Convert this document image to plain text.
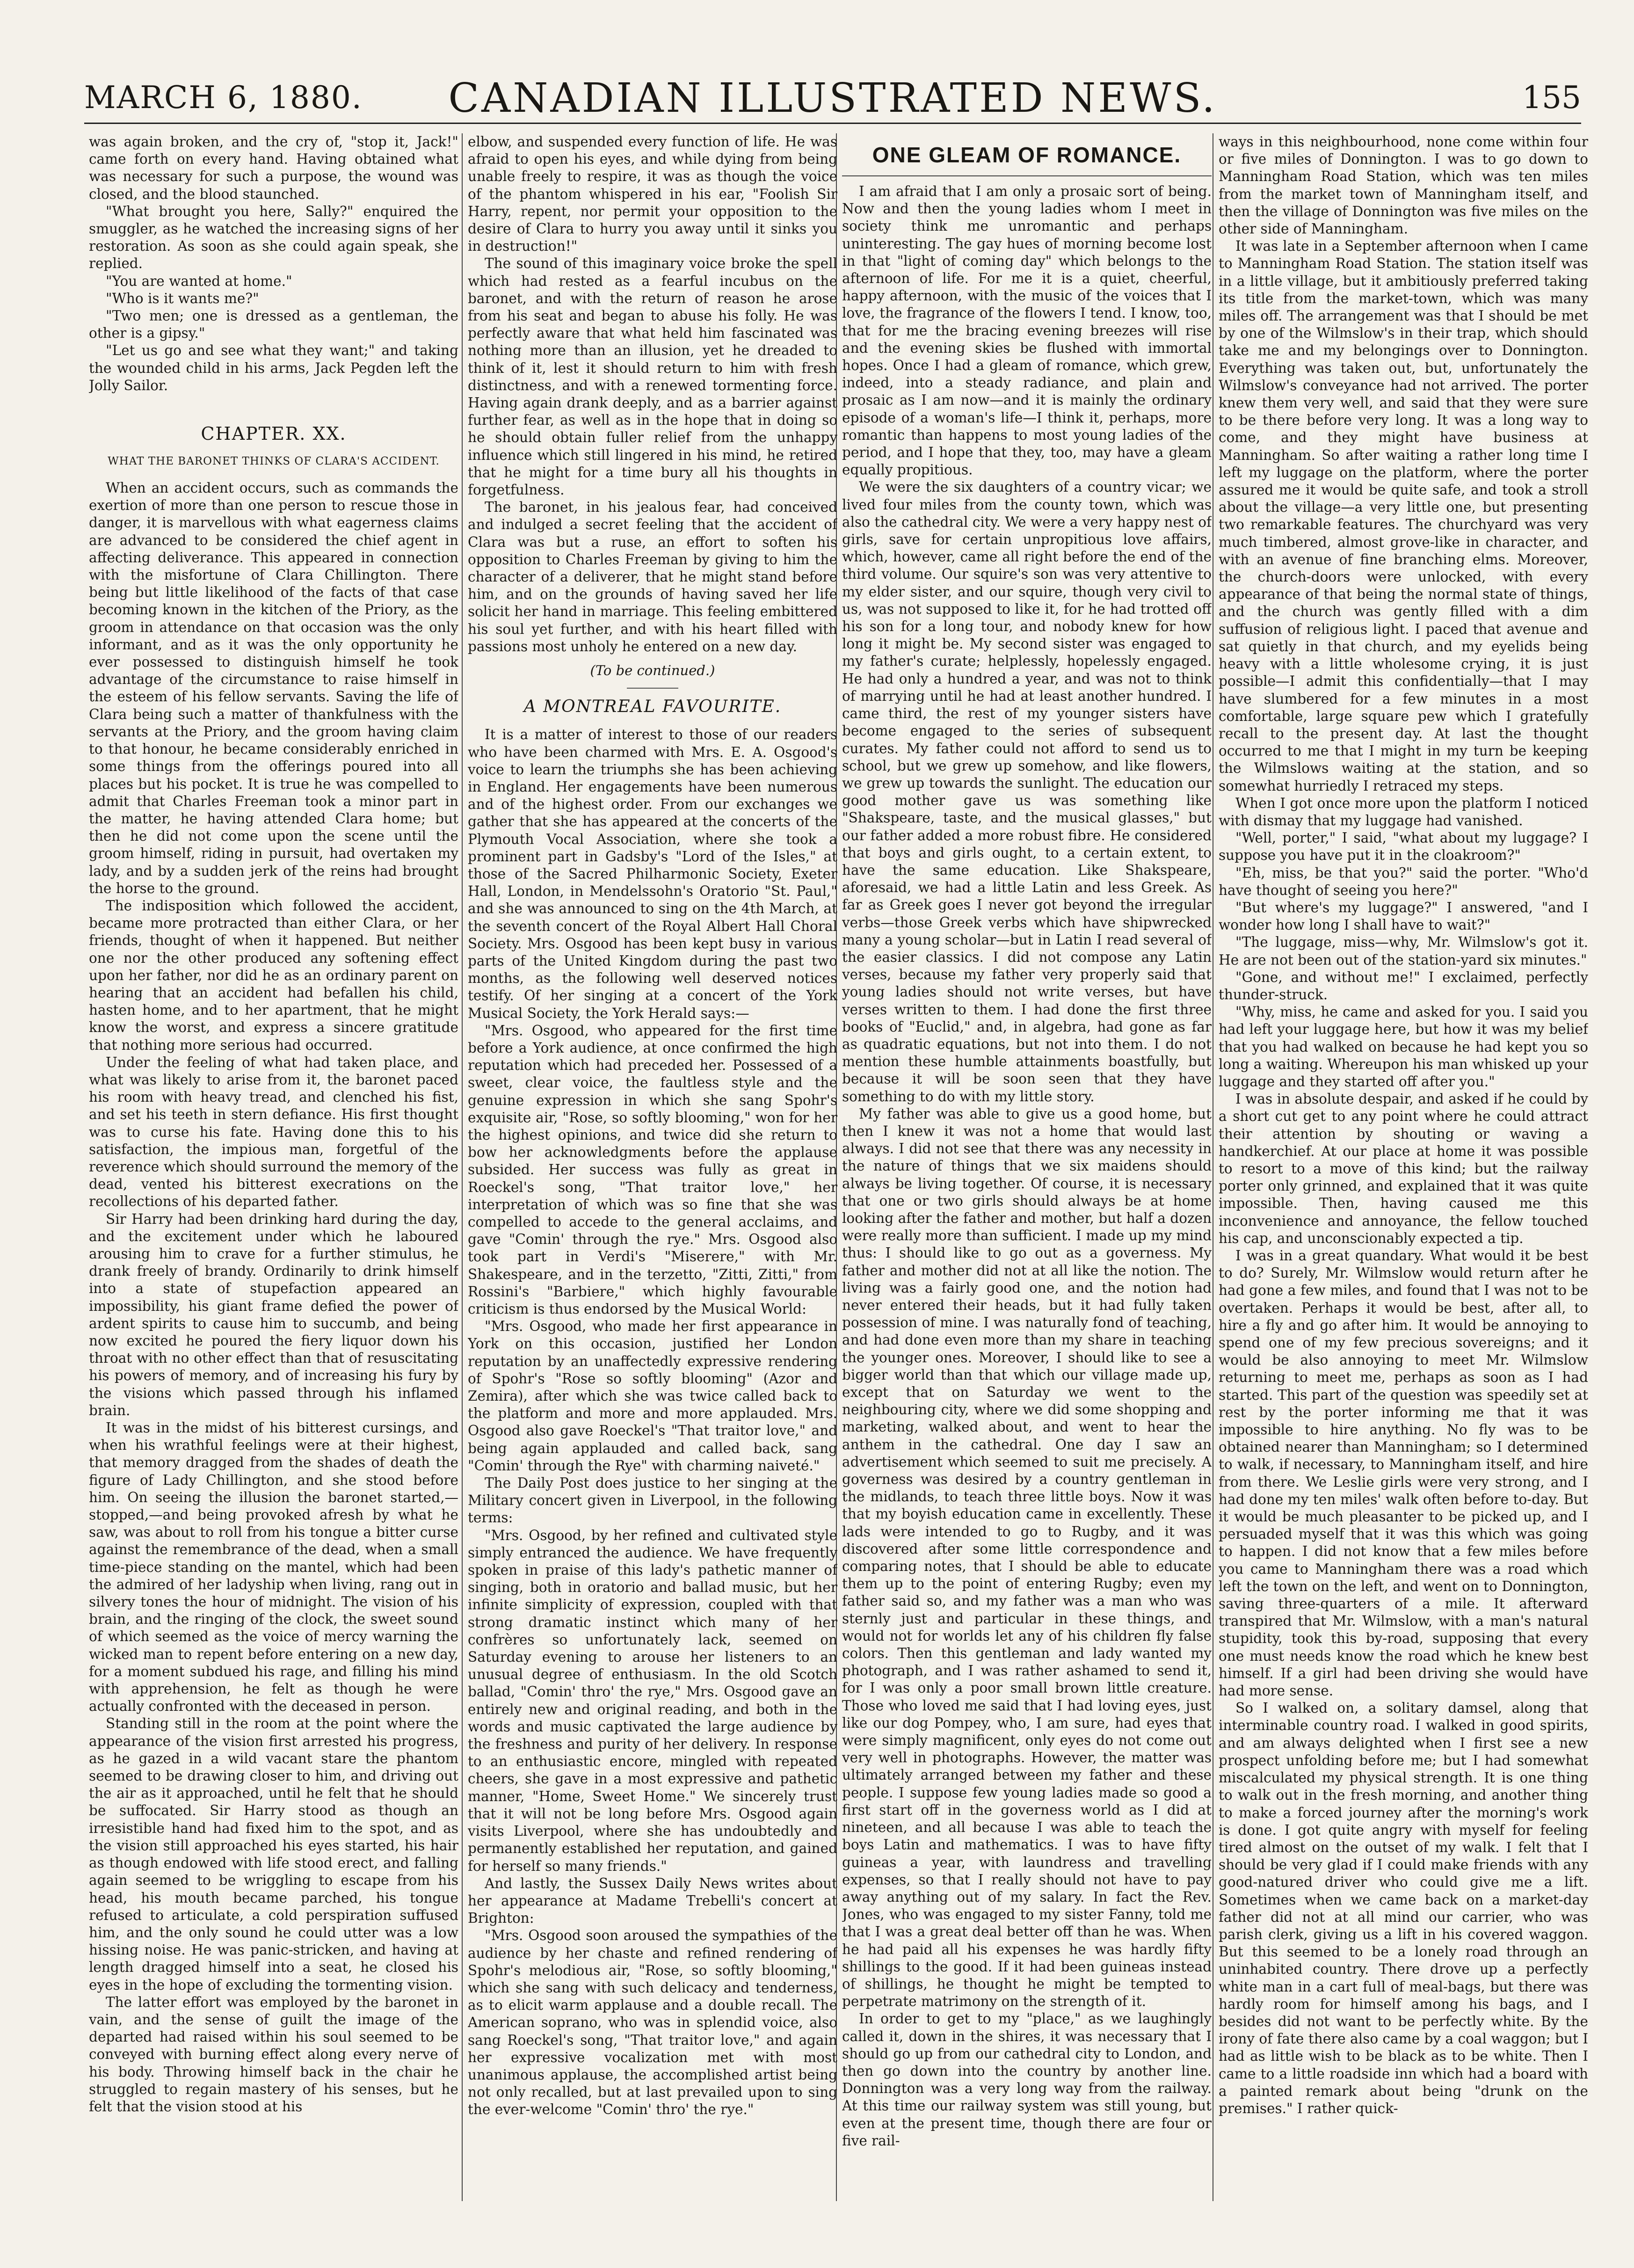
MARCH 6, 1880.	CANADIAN ILLUSTRATED NEWS.	155

was again broken, and the cry of, "stop it, Jack!" came forth on every hand. Having obtained what was necessary for such a purpose, the wound was closed, and the blood staunched.

"What brought you here, Sally?" enquired the smuggler, as he watched the increasing signs of her restoration. As soon as she could again speak, she replied.

"You are wanted at home."

"Who is it wants me?"

"Two men; one is dressed as a gentleman, the other is a gipsy."

"Let us go and see what they want;" and taking the wounded child in his arms, Jack Pegden left the Jolly Sailor.

CHAPTER. XX.
WHAT THE BARONET THINKS OF CLARA'S ACCIDENT.

When an accident occurs, such as commands the exertion of more than one person to rescue those in danger, it is marvellous with what eagerness claims are advanced to be considered the chief agent in affecting deliverance. This appeared in connection with the misfortune of Clara Chillington. There being but little likelihood of the facts of that case becoming known in the kitchen of the Priory, as the groom in attendance on that occasion was the only informant, and as it was the only opportunity he ever possessed to distinguish himself he took advantage of the circumstance to raise himself in the esteem of his fellow servants. Saving the life of Clara being such a matter of thankfulness with the servants at the Priory, and the groom having claim to that honour, he became considerably enriched in some things from the offerings poured into all places but his pocket. It is true he was compelled to admit that Charles Freeman took a minor part in the matter, he having attended Clara home; but then he did not come upon the scene until the groom himself, riding in pursuit, had overtaken my lady, and by a sudden jerk of the reins had brought the horse to the ground.

The indisposition which followed the accident, became more protracted than either Clara, or her friends, thought of when it happened. But neither one nor the other produced any softening effect upon her father, nor did he as an ordinary parent on hearing that an accident had befallen his child, hasten home, and to her apartment, that he might know the worst, and express a sincere gratitude that nothing more serious had occurred.

Under the feeling of what had taken place, and what was likely to arise from it, the baronet paced his room with heavy tread, and clenched his fist, and set his teeth in stern defiance. His first thought was to curse his fate. Having done this to his satisfaction, the impious man, forgetful of the reverence which should surround the memory of the dead, vented his bitterest execrations on the recollections of his departed father.

Sir Harry had been drinking hard during the day, and the excitement under which he laboured arousing him to crave for a further stimulus, he drank freely of brandy. Ordinarily to drink himself into a state of stupefaction appeared an impossibility, his giant frame defied the power of ardent spirits to cause him to succumb, and being now excited he poured the fiery liquor down his throat with no other effect than that of resuscitating his powers of memory, and of increasing his fury by the visions which passed through his inflamed brain.

It was in the midst of his bitterest cursings, and when his wrathful feelings were at their highest, that memory dragged from the shades of death the figure of Lady Chillington, and she stood before him. On seeing the illusion the baronet started,—stopped,—and being provoked afresh by what he saw, was about to roll from his tongue a bitter curse against the remembrance of the dead, when a small time-piece standing on the mantel, which had been the admired of her ladyship when living, rang out in silvery tones the hour of midnight. The vision of his brain, and the ringing of the clock, the sweet sound of which seemed as the voice of mercy warning the wicked man to repent before entering on a new day, for a moment subdued his rage, and filling his mind with apprehension, he felt as though he were actually confronted with the deceased in person.

Standing still in the room at the point where the appearance of the vision first arrested his progress, as he gazed in a wild vacant stare the phantom seemed to be drawing closer to him, and driving out the air as it approached, until he felt that he should be suffocated. Sir Harry stood as though an irresistible hand had fixed him to the spot, and as the vision still approached his eyes started, his hair as though endowed with life stood erect, and falling again seemed to be wriggling to escape from his head, his mouth became parched, his tongue refused to articulate, a cold perspiration suffused him, and the only sound he could utter was a low hissing noise. He was panic-stricken, and having at length dragged himself into a seat, he closed his eyes in the hope of excluding the tormenting vision.

The latter effort was employed by the baronet in vain, and the sense of guilt the image of the departed had raised within his soul seemed to be conveyed with burning effect along every nerve of his body. Throwing himself back in the chair he struggled to regain mastery of his senses, but he felt that the vision stood at his

elbow, and suspended every function of life. He was afraid to open his eyes, and while dying from being unable freely to respire, it was as though the voice of the phantom whispered in his ear, "Foolish Sir Harry, repent, nor permit your opposition to the desire of Clara to hurry you away until it sinks you in destruction!"

The sound of this imaginary voice broke the spell which had rested as a fearful incubus on the baronet, and with the return of reason he arose from his seat and began to abuse his folly. He was perfectly aware that what held him fascinated was nothing more than an illusion, yet he dreaded to think of it, lest it should return to him with fresh distinctness, and with a renewed tormenting force. Having again drank deeply, and as a barrier against further fear, as well as in the hope that in doing so he should obtain fuller relief from the unhappy influence which still lingered in his mind, he retired that he might for a time bury all his thoughts in forgetfulness.

The baronet, in his jealous fear, had conceived and indulged a secret feeling that the accident of Clara was but a ruse, an effort to soften his opposition to Charles Freeman by giving to him the character of a deliverer, that he might stand before him, and on the grounds of having saved her life solicit her hand in marriage. This feeling embittered his soul yet further, and with his heart filled with passions most unholy he entered on a new day.

(To be continued.)
A MONTREAL FAVOURITE.

It is a matter of interest to those of our readers who have been charmed with Mrs. E. A. Osgood's voice to learn the triumphs she has been achieving in England. Her engagements have been numerous and of the highest order. From our exchanges we gather that she has appeared at the concerts of the Plymouth Vocal Association, where she took a prominent part in Gadsby's "Lord of the Isles," at those of the Sacred Philharmonic Society, Exeter Hall, London, in Mendelssohn's Oratorio "St. Paul," and she was announced to sing on the 4th March, at the seventh concert of the Royal Albert Hall Choral Society. Mrs. Osgood has been kept busy in various parts of the United Kingdom during the past two months, as the following well deserved notices testify. Of her singing at a concert of the York Musical Society, the York Herald says:—

"Mrs. Osgood, who appeared for the first time before a York audience, at once confirmed the high reputation which had preceded her. Possessed of a sweet, clear voice, the faultless style and the genuine expression in which she sang Spohr's exquisite air, "Rose, so softly blooming," won for her the highest opinions, and twice did she return to bow her acknowledgments before the applause subsided. Her success was fully as great in Roeckel's song, "That traitor love," her interpretation of which was so fine that she was compelled to accede to the general acclaims, and gave "Comin' through the rye." Mrs. Osgood also took part in Verdi's "Miserere," with Mr. Shakespeare, and in the terzetto, "Zitti, Zitti," from Rossini's "Barbiere," which highly favourable criticism is thus endorsed by the Musical World:

"Mrs. Osgood, who made her first appearance in York on this occasion, justified her London reputation by an unaffectedly expressive rendering of Spohr's "Rose so softly blooming" (Azor and Zemira), after which she was twice called back to the platform and more and more applauded. Mrs. Osgood also gave Roeckel's "That traitor love," and being again applauded and called back, sang "Comin' through the Rye" with charming naiveté."

The Daily Post does justice to her singing at the Military concert given in Liverpool, in the following terms:

"Mrs. Osgood, by her refined and cultivated style simply entranced the audience. We have frequently spoken in praise of this lady's pathetic manner of singing, both in oratorio and ballad music, but her infinite simplicity of expression, coupled with that strong dramatic instinct which many of her confrères so unfortunately lack, seemed on Saturday evening to arouse her listeners to an unusual degree of enthusiasm. In the old Scotch ballad, "Comin' thro' the rye," Mrs. Osgood gave an entirely new and original reading, and both in the words and music captivated the large audience by the freshness and purity of her delivery. In response to an enthusiastic encore, mingled with repeated cheers, she gave in a most expressive and pathetic manner, "Home, Sweet Home." We sincerely trust that it will not be long before Mrs. Osgood again visits Liverpool, where she has undoubtedly and permanently established her reputation, and gained for herself so many friends."

And lastly, the Sussex Daily News writes about her appearance at Madame Trebelli's concert at Brighton:

"Mrs. Osgood soon aroused the sympathies of the audience by her chaste and refined rendering of Spohr's melodious air, "Rose, so softly blooming," which she sang with such delicacy and tenderness, as to elicit warm applause and a double recall. The American soprano, who was in splendid voice, also sang Roeckel's song, "That traitor love," and again her expressive vocalization met with most unanimous applause, the accomplished artist being not only recalled, but at last prevailed upon to sing the ever-welcome "Comin' thro' the rye."

ONE GLEAM OF ROMANCE.

I am afraid that I am only a prosaic sort of being. Now and then the young ladies whom I meet in society think me unromantic and perhaps uninteresting. The gay hues of morning become lost in that "light of coming day" which belongs to the afternoon of life. For me it is a quiet, cheerful, happy afternoon, with the music of the voices that I love, the fragrance of the flowers I tend. I know, too, that for me the bracing evening breezes will rise and the evening skies be flushed with immortal hopes. Once I had a gleam of romance, which grew, indeed, into a steady radiance, and plain and prosaic as I am now—and it is mainly the ordinary episode of a woman's life—I think it, perhaps, more romantic than happens to most young ladies of the period, and I hope that they, too, may have a gleam equally propitious.

We were the six daughters of a country vicar; we lived four miles from the county town, which was also the cathedral city. We were a very happy nest of girls, save for certain unpropitious love affairs, which, however, came all right before the end of the third volume. Our squire's son was very attentive to my elder sister, and our squire, though very civil to us, was not supposed to like it, for he had trotted off his son for a long tour, and nobody knew for how long it might be. My second sister was engaged to my father's curate; helplessly, hopelessly engaged. He had only a hundred a year, and was not to think of marrying until he had at least another hundred. I came third, the rest of my younger sisters have become engaged to the series of subsequent curates. My father could not afford to send us to school, but we grew up somehow, and like flowers, we grew up towards the sunlight. The education our good mother gave us was something like "Shakspeare, taste, and the musical glasses," but our father added a more robust fibre. He considered that boys and girls ought, to a certain extent, to have the same education. Like Shakspeare, aforesaid, we had a little Latin and less Greek. As far as Greek goes I never got beyond the irregular verbs—those Greek verbs which have shipwrecked many a young scholar—but in Latin I read several of the easier classics. I did not compose any Latin verses, because my father very properly said that young ladies should not write verses, but have verses written to them. I had done the first three books of "Euclid," and, in algebra, had gone as far as quadratic equations, but not into them. I do not mention these humble attainments boastfully, but because it will be soon seen that they have something to do with my little story.

My father was able to give us a good home, but then I knew it was not a home that would last always. I did not see that there was any necessity in the nature of things that we six maidens should always be living together. Of course, it is necessary that one or two girls should always be at home looking after the father and mother, but half a dozen were really more than sufficient. I made up my mind thus: I should like to go out as a governess. My father and mother did not at all like the notion. The living was a fairly good one, and the notion had never entered their heads, but it had fully taken possession of mine. I was naturally fond of teaching, and had done even more than my share in teaching the younger ones. Moreover, I should like to see a bigger world than that which our village made up, except that on Saturday we went to the neighbouring city, where we did some shopping and marketing, walked about, and went to hear the anthem in the cathedral. One day I saw an advertisement which seemed to suit me precisely. A governess was desired by a country gentleman in the midlands, to teach three little boys. Now it was that my boyish education came in excellently. These lads were intended to go to Rugby, and it was discovered after some little correspondence and comparing notes, that I should be able to educate them up to the point of entering Rugby; even my father said so, and my father was a man who was sternly just and particular in these things, and would not for worlds let any of his children fly false colors. Then this gentleman and lady wanted my photograph, and I was rather ashamed to send it, for I was only a poor small brown little creature. Those who loved me said that I had loving eyes, just like our dog Pompey, who, I am sure, had eyes that were simply magnificent, only eyes do not come out very well in photographs. However, the matter was ultimately arranged between my father and these people. I suppose few young ladies made so good a first start off in the governess world as I did at nineteen, and all because I was able to teach the boys Latin and mathematics. I was to have fifty guineas a year, with laundress and travelling expenses, so that I really should not have to pay away anything out of my salary. In fact the Rev. Jones, who was engaged to my sister Fanny, told me that I was a great deal better off than he was. When he had paid all his expenses he was hardly fifty shillings to the good. If it had been guineas instead of shillings, he thought he might be tempted to perpetrate matrimony on the strength of it.

In order to get to my "place," as we laughingly called it, down in the shires, it was necessary that I should go up from our cathedral city to London, and then go down into the country by another line. Donnington was a very long way from the railway. At this time our railway system was still young, but even at the present time, though there are four or five rail-

ways in this neighbourhood, none come within four or five miles of Donnington. I was to go down to Manningham Road Station, which was ten miles from the market town of Manningham itself, and then the village of Donnington was five miles on the other side of Manningham.

It was late in a September afternoon when I came to Manningham Road Station. The station itself was in a little village, but it ambitiously preferred taking its title from the market-town, which was many miles off. The arrangement was that I should be met by one of the Wilmslow's in their trap, which should take me and my belongings over to Donnington. Everything was taken out, but, unfortunately the Wilmslow's conveyance had not arrived. The porter knew them very well, and said that they were sure to be there before very long. It was a long way to come, and they might have business at Manningham. So after waiting a rather long time I left my luggage on the platform, where the porter assured me it would be quite safe, and took a stroll about the village—a very little one, but presenting two remarkable features. The churchyard was very much timbered, almost grove-like in character, and with an avenue of fine branching elms. Moreover, the church-doors were unlocked, with every appearance of that being the normal state of things, and the church was gently filled with a dim suffusion of religious light. I paced that avenue and sat quietly in that church, and my eyelids being heavy with a little wholesome crying, it is just possible—I admit this confidentially—that I may have slumbered for a few minutes in a most comfortable, large square pew which I gratefully recall to the present day. At last the thought occurred to me that I might in my turn be keeping the Wilmslows waiting at the station, and so somewhat hurriedly I retraced my steps.

When I got once more upon the platform I noticed with dismay that my luggage had vanished.

"Well, porter," I said, "what about my luggage? I suppose you have put it in the cloakroom?"

"Eh, miss, be that you?" said the porter. "Who'd have thought of seeing you here?"

"But where's my luggage?" I answered, "and I wonder how long I shall have to wait?"

"The luggage, miss—why, Mr. Wilmslow's got it. He are not been out of the station-yard six minutes."

"Gone, and without me!" I exclaimed, perfectly thunder-struck.

"Why, miss, he came and asked for you. I said you had left your luggage here, but how it was my belief that you had walked on because he had kept you so long a waiting. Whereupon his man whisked up your luggage and they started off after you."

I was in absolute despair, and asked if he could by a short cut get to any point where he could attract their attention by shouting or waving a handkerchief. At our place at home it was possible to resort to a move of this kind; but the railway porter only grinned, and explained that it was quite impossible. Then, having caused me this inconvenience and annoyance, the fellow touched his cap, and unconscionably expected a tip.

I was in a great quandary. What would it be best to do? Surely, Mr. Wilmslow would return after he had gone a few miles, and found that I was not to be overtaken. Perhaps it would be best, after all, to hire a fly and go after him. It would be annoying to spend one of my few precious sovereigns; and it would be also annoying to meet Mr. Wilmslow returning to meet me, perhaps as soon as I had started. This part of the question was speedily set at rest by the porter informing me that it was impossible to hire anything. No fly was to be obtained nearer than Manningham; so I determined to walk, if necessary, to Manningham itself, and hire from there. We Leslie girls were very strong, and I had done my ten miles' walk often before to-day. But it would be much pleasanter to be picked up, and I persuaded myself that it was this which was going to happen. I did not know that a few miles before you came to Manningham there was a road which left the town on the left, and went on to Donnington, saving three-quarters of a mile. It afterward transpired that Mr. Wilmslow, with a man's natural stupidity, took this by-road, supposing that every one must needs know the road which he knew best himself. If a girl had been driving she would have had more sense.

So I walked on, a solitary damsel, along that interminable country road. I walked in good spirits, and am always delighted when I first see a new prospect unfolding before me; but I had somewhat miscalculated my physical strength. It is one thing to walk out in the fresh morning, and another thing to make a forced journey after the morning's work is done. I got quite angry with myself for feeling tired almost on the outset of my walk. I felt that I should be very glad if I could make friends with any good-natured driver who could give me a lift. Sometimes when we came back on a market-day father did not at all mind our carrier, who was parish clerk, giving us a lift in his covered waggon. But this seemed to be a lonely road through an uninhabited country. There drove up a perfectly white man in a cart full of meal-bags, but there was hardly room for himself among his bags, and I besides did not want to be perfectly white. By the irony of fate there also came by a coal waggon; but I had as little wish to be black as to be white. Then I came to a little roadside inn which had a board with a painted remark about being "drunk on the premises." I rather quick-
